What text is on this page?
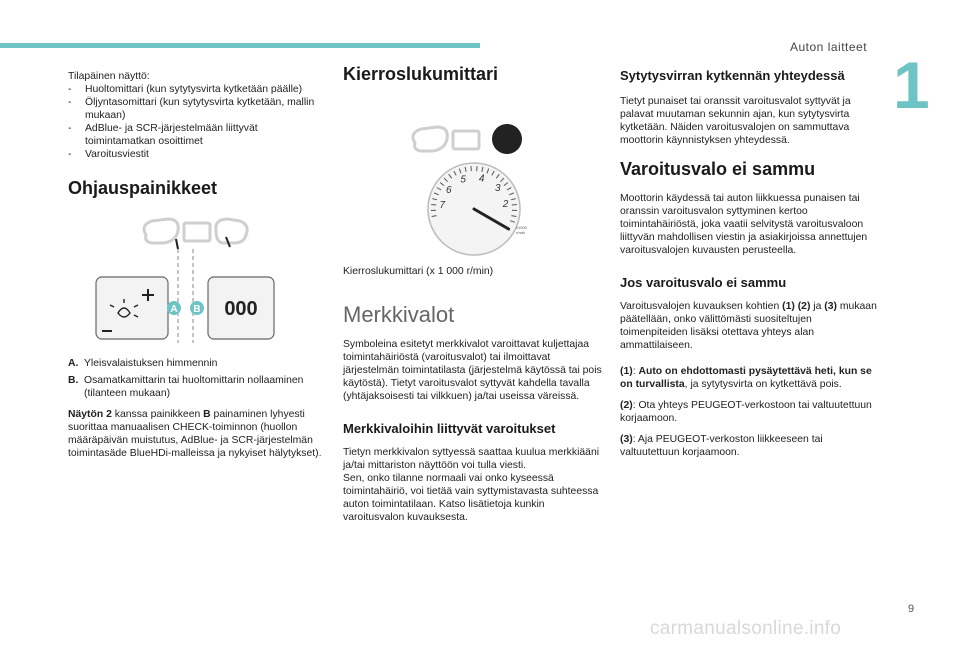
Auton laitteet
1

Tilapäinen näyttö:

- Huoltomittari (kun sytytysvirta kytketään päälle)
- Öljyntasomittari (kun sytytysvirta kytketään, mallin mukaan)
- AdBlue- ja SCR-järjestelmään liittyvät toimintamatkan osoittimet
- Varoitusviestit
Ohjauspainikkeet
A B 000
A. Yleisvalaistuksen himmennin
B. Osamatkamittarin tai huoltomittarin nollaaminen (tilanteen mukaan)

Näytön 2 kanssa painikkeen B painaminen lyhyesti suorittaa manuaalisen CHECK-toiminnon (huollon määräpäivän muistutus, AdBlue- ja SCR-järjestelmän toimintasäde BlueHDi-malleissa ja nykyiset hälytykset).

Kierroslukumittari
2
3
4
5
6
7
x1000
r/min

Kierroslukumittari (x 1 000 r/min)

Merkkivalot

Symboleina esitetyt merkkivalot varoittavat kuljettajaa toimintahäiriöstä (varoitusvalot) tai ilmoittavat järjestelmän toimintatilasta (järjestelmä käytössä tai pois käytöstä). Tietyt varoitusvalot syttyvät kahdella tavalla (yhtäjaksoisesti tai vilkkuen) ja/tai useissa väreissä.

Merkkivaloihin liittyvät varoitukset

Tietyn merkkivalon syttyessä saattaa kuulua merkkiääni ja/tai mittariston näyttöön voi tulla viesti.

Sen, onko tilanne normaali vai onko kyseessä toimintahäiriö, voi tietää vain syttymistavasta suhteessa auton toimintatilaan. Katso lisätietoja kunkin varoitusvalon kuvauksesta.

Sytytysvirran kytkennän yhteydessä

Tietyt punaiset tai oranssit varoitusvalot syttyvät ja palavat muutaman sekunnin ajan, kun sytytysvirta kytketään. Näiden varoitusvalojen on sammuttava moottorin käynnistyksen yhteydessä.

Varoitusvalo ei sammu

Moottorin käydessä tai auton liikkuessa punaisen tai oranssin varoitusvalon syttyminen kertoo toimintahäiriöstä, joka vaatii selvitystä varoitusvaloon liittyvän mahdollisen viestin ja asiakirjoissa annettujen varoitusvalojen kuvausten perusteella.

Jos varoitusvalo ei sammu

Varoitusvalojen kuvauksen kohtien (1) (2) ja (3) mukaan päätellään, onko välittömästi suositeltujen toimenpiteiden lisäksi otettava yhteys alan ammattilaiseen.

(1): Auto on ehdottomasti pysäytettävä heti, kun se on turvallista, ja sytytysvirta on kytkettävä pois.

(2): Ota yhteys PEUGEOT-verkostoon tai valtuutettuun korjaamoon.

(3): Aja PEUGEOT-verkoston liikkeeseen tai valtuutettuun korjaamoon.

9
carmanualsonline.info
